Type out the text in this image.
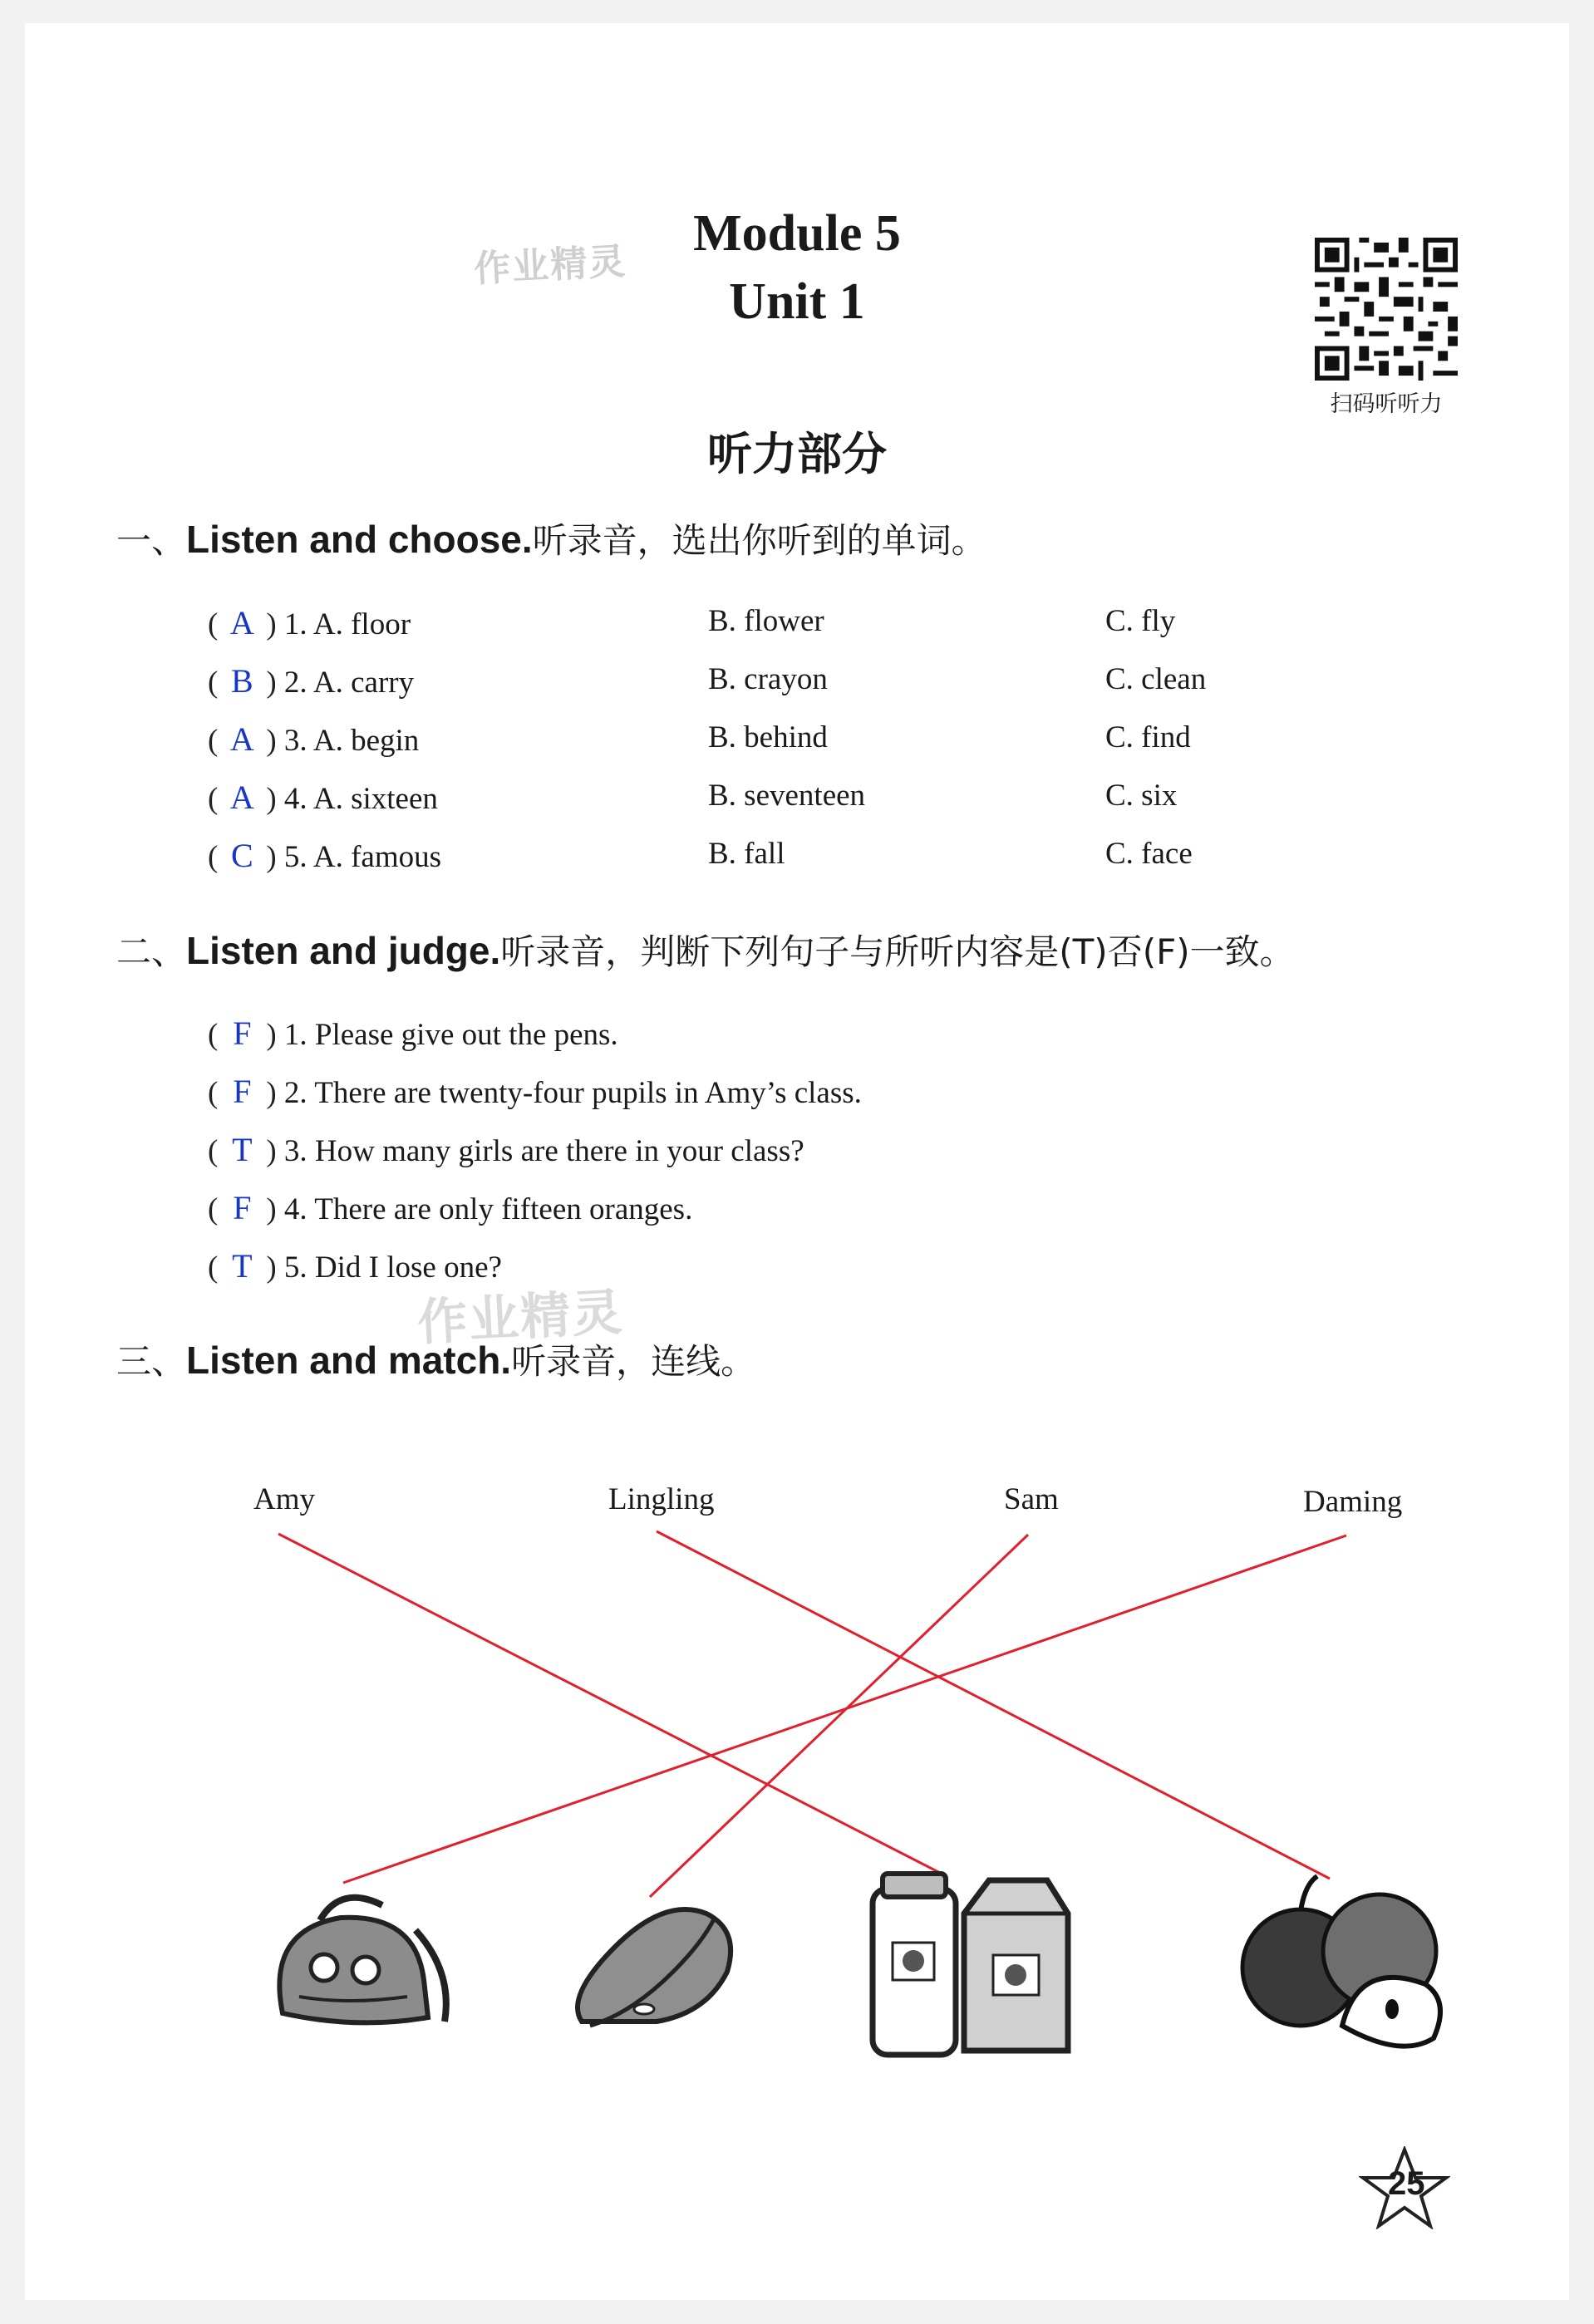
作业精灵
Module 5
Unit 1
扫码听听力
听力部分
一、Listen and choose.听录音，选出你听到的单词。
( A ) 1. A. floor	B. flower	C. fly
( B ) 2. A. carry	B. crayon	C. clean
( A ) 3. A. begin	B. behind	C. find
( A ) 4. A. sixteen	B. seventeen	C. six
( C ) 5. A. famous	B. fall	C. face
二、Listen and judge.听录音，判断下列句子与所听内容是(T)否(F)一致。
( F ) 1. Please give out the pens.
( F ) 2. There are twenty-four pupils in Amy’s class.
( T ) 3. How many girls are there in your class?
( F ) 4. There are only fifteen oranges.
( T ) 5. Did I lose one?
作业精灵
三、Listen and match.听录音，连线。
Amy	Lingling	Sam	Daming
25
